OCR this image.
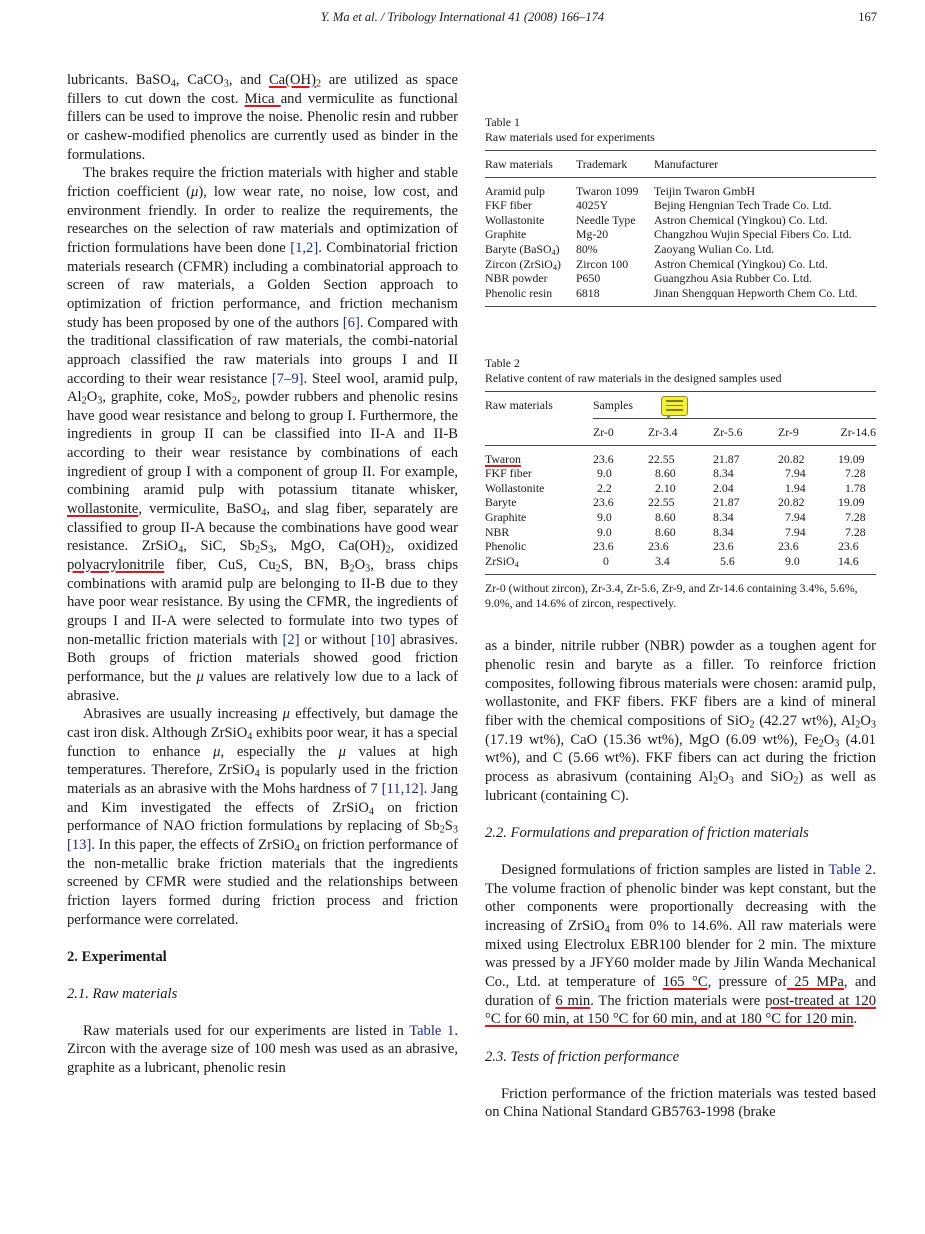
Y. Ma et al. / Tribology International 41 (2008) 166–174	167

lubricants. BaSO$_4$, CaCO$_3$, and $Ca(OH)_2$ are utilized as space fillers to cut down the cost. Mica and vermiculite as functional fillers can be used to improve the noise. Phenolic resin and rubber or cashew-modified phenolics are currently used as binder in the formulations.

The brakes require the friction materials with higher and stable friction coefficient (μ), low wear rate, no noise, low cost, and environment friendly. In order to realize the requirements, the researches on the selection of raw materials and optimization of friction formulations have been done [1,2]. Combinatorial friction materials research (CFMR) including a combinatorial approach to screen of raw materials, a Golden Section approach to optimization of friction performance, and friction mechanism study has been proposed by one of the authors [6]. Compared with the traditional classification of raw materials, the combi-natorial approach classified the raw materials into groups I and II according to their wear resistance [7–9]. Steel wool, aramid pulp, $Al_2O_3$, graphite, coke, MoS$_2$, powder rubbers and phenolic resins have good wear resistance and belong to group I. Furthermore, the ingredients in group II can be classified into II-A and II-B according to their wear resistance by combinations of each ingredient of group I with a component of group II. For example, combining aramid pulp with potassium titanate whisker, wollastonite, vermiculite, BaSO$_4$, and slag fiber, separately are classified to group II-A because the combinations have good wear resistance. ZrSiO$_4$, SiC, $Sb_2S_3$, MgO, $Ca(OH)_2$, oxidized polyacrylonitrile fiber, CuS, $Cu_2S$, BN, $B_2O_3$, brass chips combinations with aramid pulp are belonging to II-B due to they have poor wear resistance. By using the CFMR, the ingredients of groups I and II-A were selected to formulate into two types of non-metallic friction materials with [2] or without [10] abrasives. Both groups of friction materials showed good friction performance, but the μ values are relatively low due to a lack of abrasive.

Abrasives are usually increasing μ effectively, but damage the cast iron disk. Although ZrSiO$_4$ exhibits poor wear, it has a special function to enhance μ, especially the μ values at high temperatures. Therefore, ZrSiO$_4$ is popularly used in the friction materials as an abrasive with the Mohs hardness of 7 [11,12]. Jang and Kim investigated the effects of ZrSiO$_4$ on friction performance of NAO friction formulations by replacing of $Sb_2S_3$ [13]. In this paper, the effects of ZrSiO$_4$ on friction performance of the non-metallic brake friction materials that the ingredients screened by CFMR were studied and the relationships between friction layers formed during friction process and friction performance were correlated.

2. Experimental
2.1. Raw materials

Raw materials used for our experiments are listed in Table 1. Zircon with the average size of 100 mesh was used as an abrasive, graphite as a lubricant, phenolic resin

Table 1
Raw materials used for experiments
Raw materials	Trademark	Manufacturer
Aramid pulp	Twaron 1099	Teijin Twaron GmbH
FKF fiber	4025Y	Bejing Hengnian Tech Trade Co. Ltd.
Wollastonite	Needle Type	Astron Chemical (Yingkou) Co. Ltd.
Graphite	Mg-20	Changzhou Wujin Special Fibers Co. Ltd.
Baryte (BaSO$_4$)	80%	Zaoyang Wulian Co. Ltd.
Zircon (ZrSiO$_4$)	Zircon 100	Astron Chemical (Yingkou) Co. Ltd.
NBR powder	P650	Guangzhou Asia Rubber Co. Ltd.
Phenolic resin	6818	Jinan Shengquan Hepworth Chem Co. Ltd.

Table 2
Relative content of raw materials in the designed samples used
Raw materials	Samples				
	Zr-0	Zr-3.4	Zr-5.6	Zr-9	Zr-14.6
Twaron	23.6	22.55	21.87	20.82	19.09
FKF fiber	9.0	8.60	8.34	7.94	7.28
Wollastonite	2.2	2.10	2.04	1.94	1.78
Baryte	23.6	22.55	21.87	20.82	19.09
Graphite	9.0	8.60	8.34	7.94	7.28
NBR	9.0	8.60	8.34	7.94	7.28
Phenolic	23.6	23.6	23.6	23.6	23.6
ZrSiO$_4$	0	3.4	5.6	9.0	14.6

Zr-0 (without zircon), Zr-3.4, Zr-5.6, Zr-9, and Zr-14.6 containing 3.4%, 5.6%, 9.0%, and 14.6% of zircon, respectively.

as a binder, nitrile rubber (NBR) powder as a toughen agent for phenolic resin and baryte as a filler. To reinforce friction composites, following fibrous materials were chosen: aramid pulp, wollastonite, and FKF fibers. FKF fibers are a kind of mineral fiber with the chemical compositions of SiO$_2$ (42.27 wt%), $Al_2O_3$ (17.19 wt%), CaO (15.36 wt%), MgO (6.09 wt%), $Fe_2O_3$ (4.01 wt%), and C (5.66 wt%). FKF fibers can act during the friction process as abrasivum (containing $Al_2O_3$ and SiO$_2$) as well as lubricant (containing C).

2.2. Formulations and preparation of friction materials

Designed formulations of friction samples are listed in Table 2. The volume fraction of phenolic binder was kept constant, but the other components were proportionally decreasing with the increasing of ZrSiO$_4$ from 0% to 14.6%. All raw materials were mixed using Electrolux EBR100 blender for 2 min. The mixture was pressed by a JFY60 molder made by Jilin Wanda Mechanical Co., Ltd. at temperature of 165 °C, pressure of 25 MPa, and duration of 6 min. The friction materials were post-treated at 120 °C for 60 min, at 150 °C for 60 min, and at 180 °C for 120 min.

2.3. Tests of friction performance

Friction performance of the friction materials was tested based on China National Standard GB5763-1998 (brake
